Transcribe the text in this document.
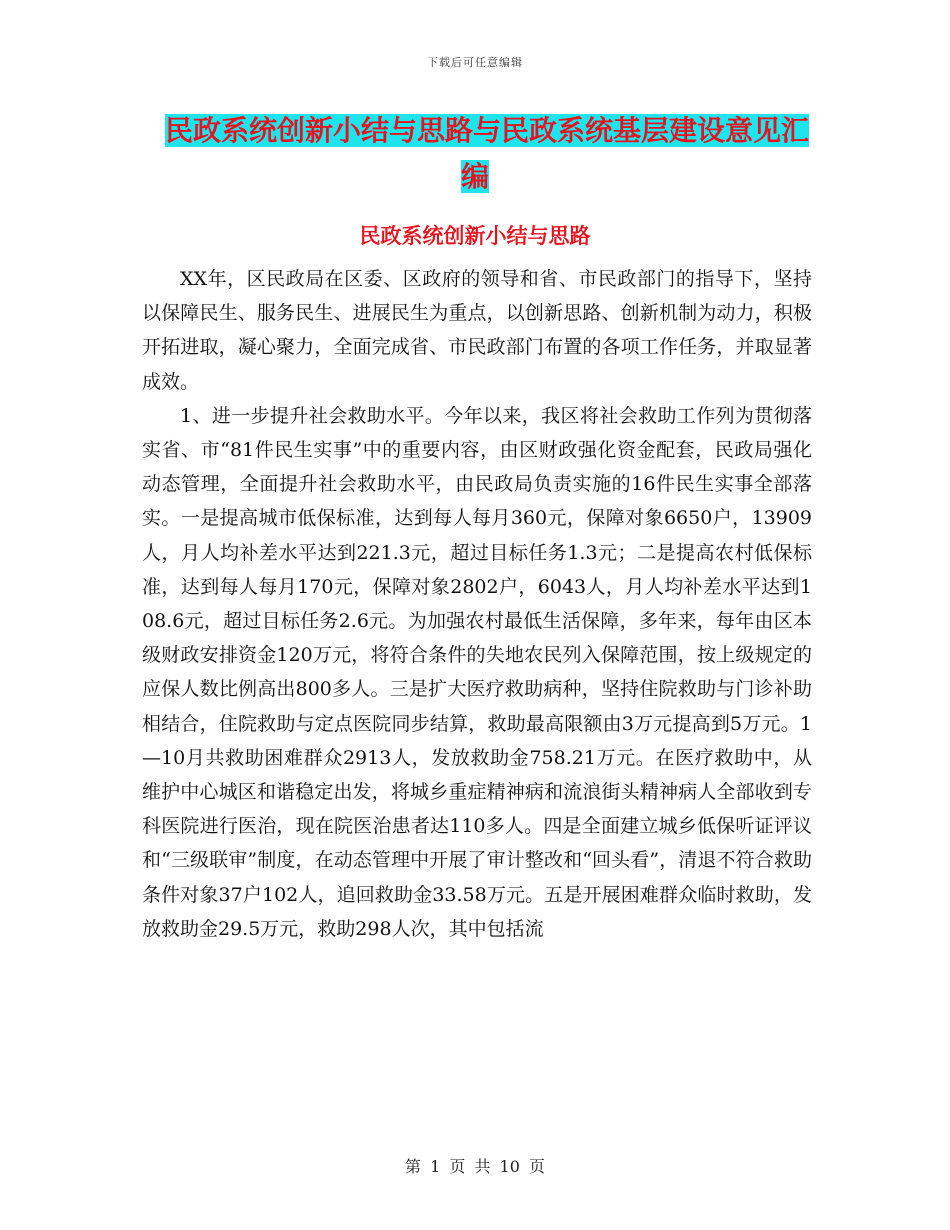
下载后可任意编辑
民政系统创新小结与思路与民政系统基层建设意见汇
编
民政系统创新小结与思路

XX年，区民政局在区委、区政府的领导和省、市民政部门的指导下，坚持以保障民生、服务民生、进展民生为重点，以创新思路、创新机制为动力，积极开拓进取，凝心聚力，全面完成省、市民政部门布置的各项工作任务，并取显著成效。

1、进一步提升社会救助水平。今年以来，我区将社会救助工作列为贯彻落实省、市“81件民生实事”中的重要内容，由区财政强化资金配套，民政局强化动态管理，全面提升社会救助水平，由民政局负责实施的16件民生实事全部落实。一是提高城市低保标准，达到每人每月360元，保障对象6650户，13909人，月人均补差水平达到221.3元，超过目标任务1.3元；二是提高农村低保标准，达到每人每月170元，保障对象2802户，6043人，月人均补差水平达到108.6元，超过目标任务2.6元。为加强农村最低生活保障，多年来，每年由区本级财政安排资金120万元，将符合条件的失地农民列入保障范围，按上级规定的应保人数比例高出800多人。三是扩大医疗救助病种，坚持住院救助与门诊补助相结合，住院救助与定点医院同步结算，救助最高限额由3万元提高到5万元。1—10月共救助困难群众2913人，发放救助金758.21万元。在医疗救助中，从维护中心城区和谐稳定出发，将城乡重症精神病和流浪街头精神病人全部收到专科医院进行医治，现在院医治患者达110多人。四是全面建立城乡低保听证评议和“三级联审”制度，在动态管理中开展了审计整改和“回头看”，清退不符合救助条件对象37户102人，追回救助金33.58万元。五是开展困难群众临时救助，发放救助金29.5万元，救助298人次，其中包括流

第 1 页 共 10 页
